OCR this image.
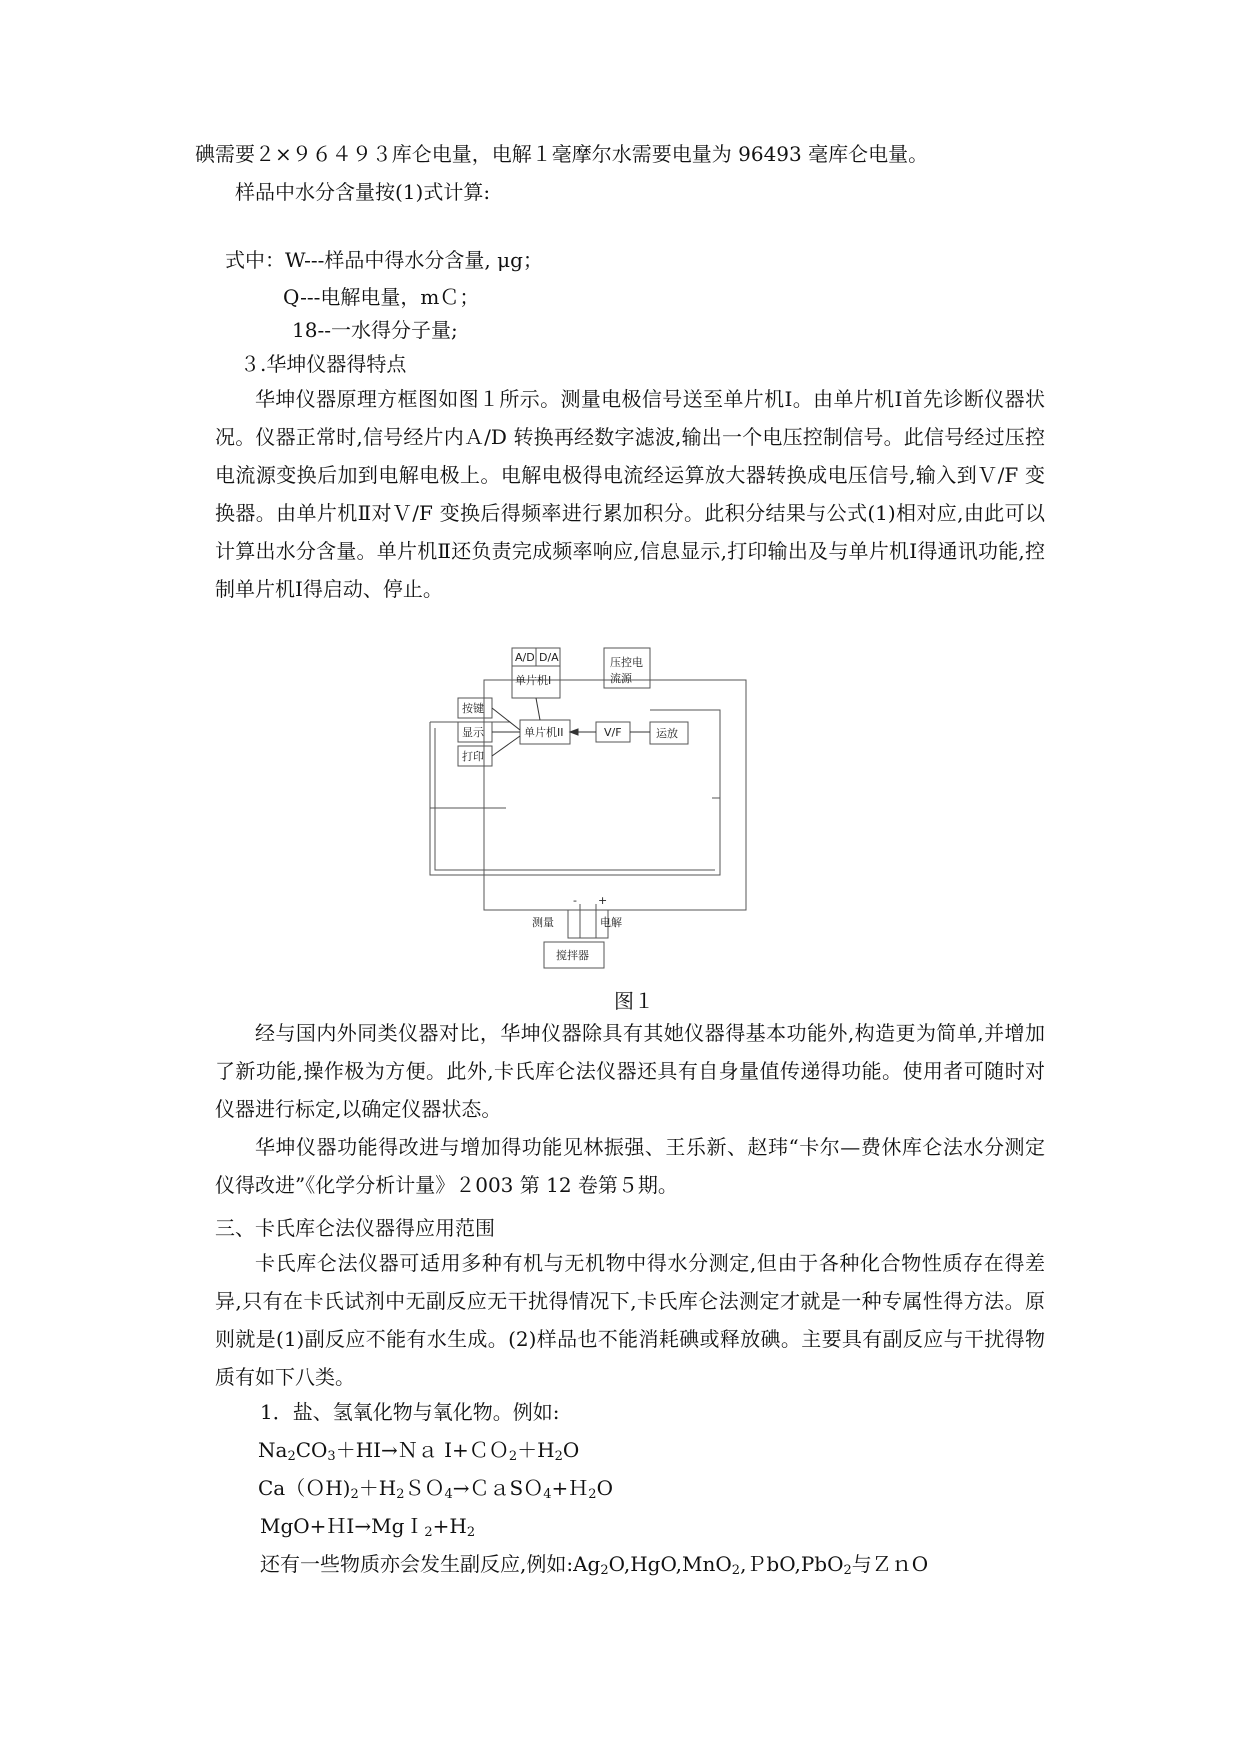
碘需要２×９６４９３库仑电量，电解１毫摩尔水需要电量为 96493 毫库仑电量。
样品中水分含量按(1)式计算:
式中：W---样品中得水分含量, μg；
Q---电解电量，mＣ；
18--一水得分子量;
３.华坤仪器得特点
华坤仪器原理方框图如图１所示。测量电极信号送至单片机Ⅰ。由单片机Ⅰ首先诊断仪器状况。仪器正常时,信号经片内Ａ/D 转换再经数字滤波,输出一个电压控制信号。此信号经过压控电流源变换后加到电解电极上。电解电极得电流经运算放大器转换成电压信号,输入到Ｖ/F 变换器。由单片机Ⅱ对Ｖ/F 变换后得频率进行累加积分。此积分结果与公式(1)相对应,由此可以计算出水分含量。单片机Ⅱ还负责完成频率响应,信息显示,打印输出及与单片机Ⅰ得通讯功能,控制单片机Ⅰ得启动、停止。
A/D D/A
单片机I
压控电
流源
按键
显示
打印
单片机II	V/F	运放
测量	电解
- +
搅拌器
图１
经与国内外同类仪器对比，华坤仪器除具有其她仪器得基本功能外,构造更为简单,并增加了新功能,操作极为方便。此外,卡氏库仑法仪器还具有自身量值传递得功能。使用者可随时对仪器进行标定,以确定仪器状态。
华坤仪器功能得改进与增加得功能见林振强、王乐新、赵玮“卡尔—费休库仑法水分测定仪得改进”《化学分析计量》２003 第 12 卷第５期。
三、卡氏库仑法仪器得应用范围
卡氏库仑法仪器可适用多种有机与无机物中得水分测定,但由于各种化合物性质存在得差异,只有在卡氏试剂中无副反应无干扰得情况下,卡氏库仑法测定才就是一种专属性得方法。原则就是(1)副反应不能有水生成。(2)样品也不能消耗碘或释放碘。主要具有副反应与干扰得物质有如下八类。
1．盐、氢氧化物与氧化物。例如:
$Na_2CO_3+HI\to Na$ $I+CO_2+H_2O$
$Ca(OH)_2+H_2SO_4\to CaSO_4+H_2O$
$MgO+HI\to MgI_2+H_2$
还有一些物质亦会发生副反应,例如$:Ag_2O,HgO,MnO_2,PbO,PbO_2$与ＺｎO
